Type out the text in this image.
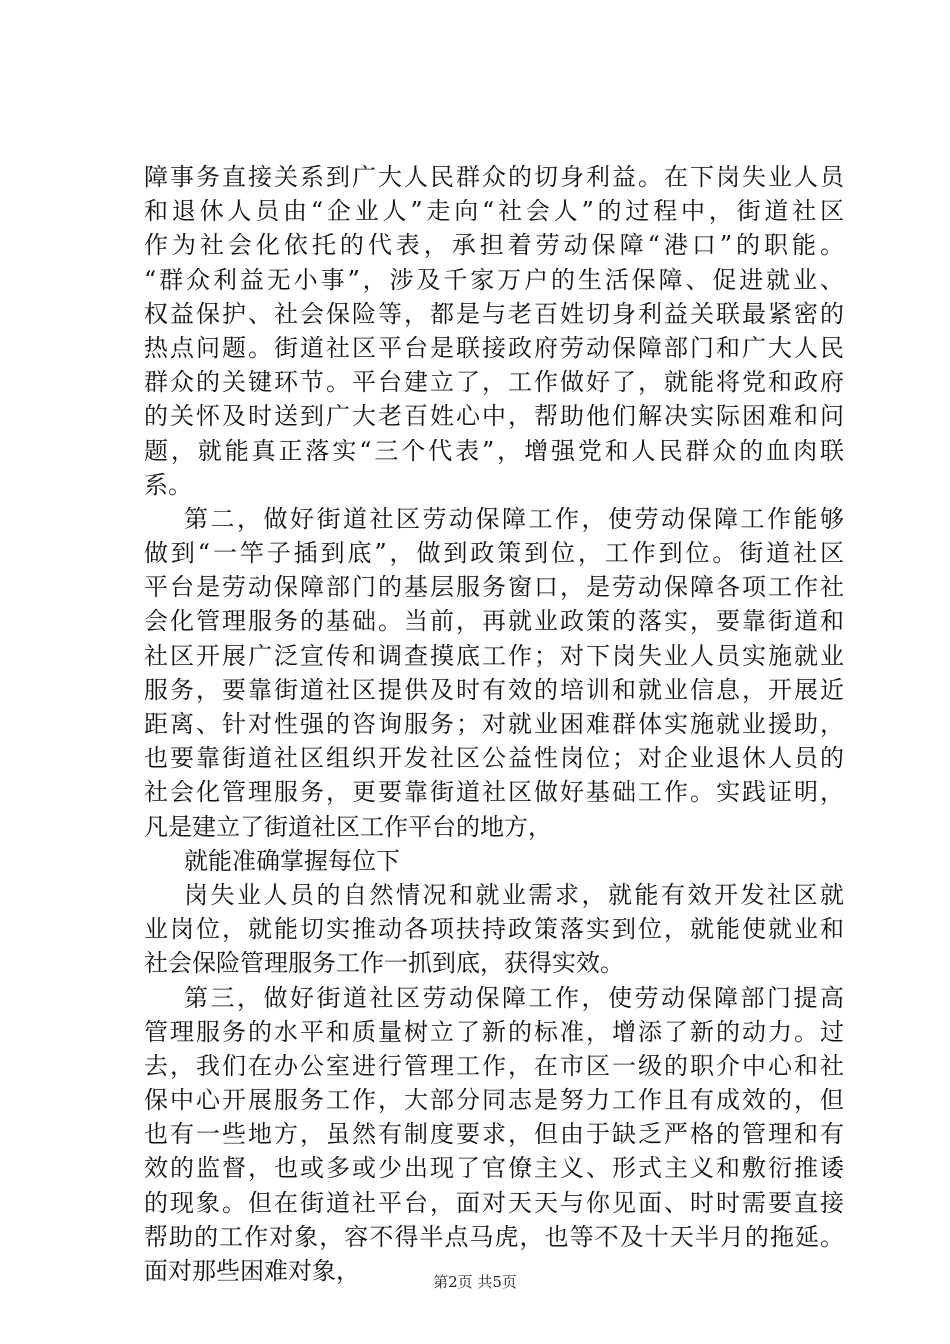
障事务直接关系到广大人民群众的切身利益。在下岗失业人员
和退休人员由“企业人”走向“社会人”的过程中，街道社区
作为社会化依托的代表，承担着劳动保障“港口”的职能。
“群众利益无小事”，涉及千家万户的生活保障、促进就业、
权益保护、社会保险等，都是与老百姓切身利益关联最紧密的
热点问题。街道社区平台是联接政府劳动保障部门和广大人民
群众的关键环节。平台建立了，工作做好了，就能将党和政府
的关怀及时送到广大老百姓心中，帮助他们解决实际困难和问
题，就能真正落实“三个代表”，增强党和人民群众的血肉联
系。
第二，做好街道社区劳动保障工作，使劳动保障工作能够
做到“一竿子插到底”，做到政策到位，工作到位。街道社区
平台是劳动保障部门的基层服务窗口，是劳动保障各项工作社
会化管理服务的基础。当前，再就业政策的落实，要靠街道和
社区开展广泛宣传和调查摸底工作；对下岗失业人员实施就业
服务，要靠街道社区提供及时有效的培训和就业信息，开展近
距离、针对性强的咨询服务；对就业困难群体实施就业援助，
也要靠街道社区组织开发社区公益性岗位；对企业退休人员的
社会化管理服务，更要靠街道社区做好基础工作。实践证明，
凡是建立了街道社区工作平台的地方，
就能准确掌握每位下
岗失业人员的自然情况和就业需求，就能有效开发社区就
业岗位，就能切实推动各项扶持政策落实到位，就能使就业和
社会保险管理服务工作一抓到底，获得实效。
第三，做好街道社区劳动保障工作，使劳动保障部门提高
管理服务的水平和质量树立了新的标准，增添了新的动力。过
去，我们在办公室进行管理工作，在市区一级的职介中心和社
保中心开展服务工作，大部分同志是努力工作且有成效的，但
也有一些地方，虽然有制度要求，但由于缺乏严格的管理和有
效的监督，也或多或少出现了官僚主义、形式主义和敷衍推诿
的现象。但在街道社平台，面对天天与你见面、时时需要直接
帮助的工作对象，容不得半点马虎，也等不及十天半月的拖延。
面对那些困难对象，	第2页 共5页
